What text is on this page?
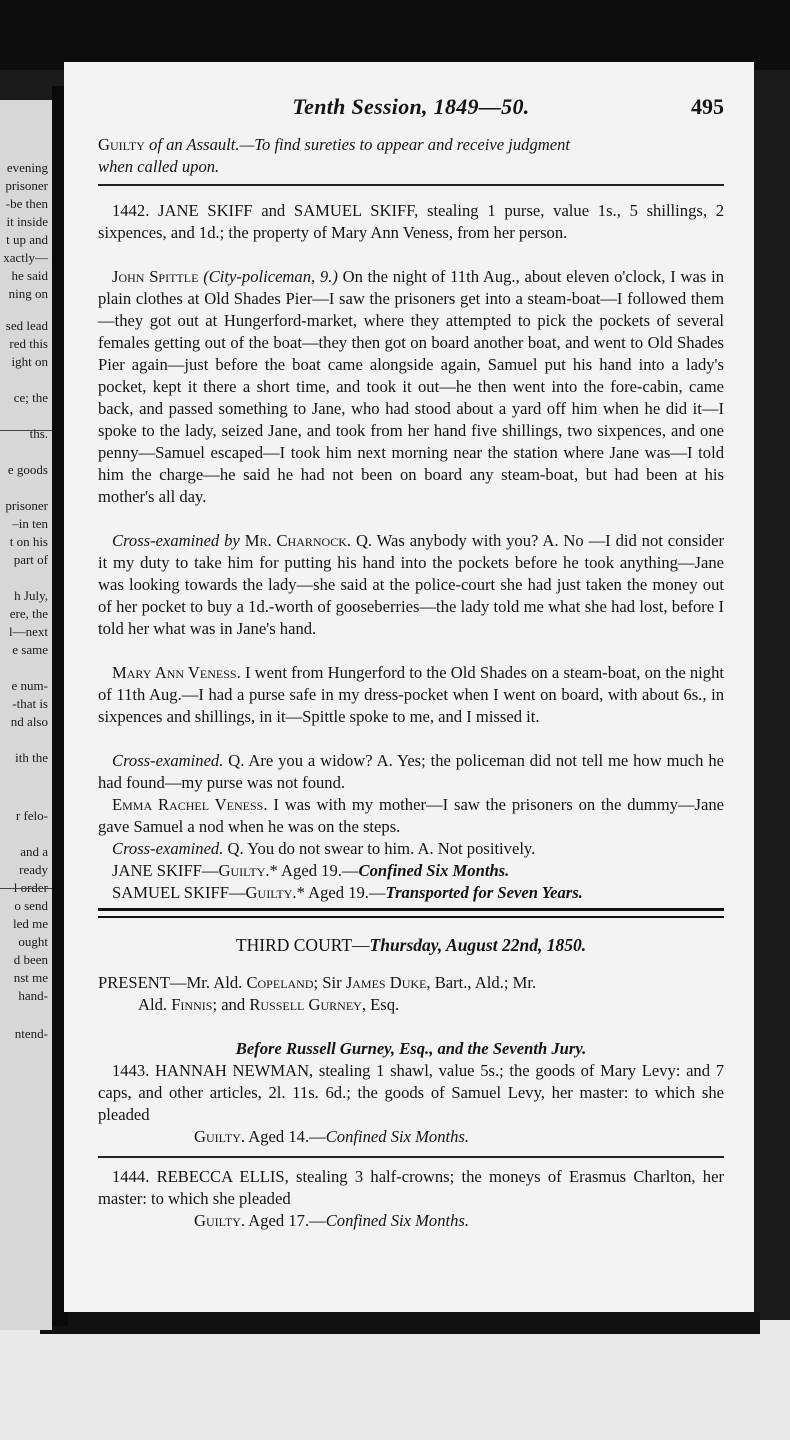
evening
prisoner
-be then
it inside
t up and
xactly—
he said
ning on
sed lead
red this
ight on
ce; the
ths.
e goods
prisoner
–in ten
t on his
part of
h July,
ere, the
l—next
e same
e num-
-that is
nd also
ith the
r felo-
and a
ready
l order
o send
led me
ought
d been
nst me
hand-
ntend-
Tenth Session, 1849—50.	495

Guilty of an Assault.—To find sureties to appear and receive judgment
when called upon.

1442. JANE SKIFF and SAMUEL SKIFF, stealing 1 purse, value 1s., 5 shillings, 2 sixpences, and 1d.; the property of Mary Ann Veness, from her person.

John Spittle (City-policeman, 9.) On the night of 11th Aug., about eleven o'clock, I was in plain clothes at Old Shades Pier—I saw the prisoners get into a steam-boat—I followed them—they got out at Hungerford-market, where they attempted to pick the pockets of several females getting out of the boat—they then got on board another boat, and went to Old Shades Pier again—just before the boat came alongside again, Samuel put his hand into a lady's pocket, kept it there a short time, and took it out—he then went into the fore-cabin, came back, and passed something to Jane, who had stood about a yard off him when he did it—I spoke to the lady, seized Jane, and took from her hand five shillings, two sixpences, and one penny—Samuel escaped—I took him next morning near the station where Jane was—I told him the charge—he said he had not been on board any steam-boat, but had been at his mother's all day.

Cross-examined by Mr. Charnock. Q. Was anybody with you? A. No —I did not consider it my duty to take him for putting his hand into the pockets before he took anything—Jane was looking towards the lady—she said at the police-court she had just taken the money out of her pocket to buy a 1d.-worth of gooseberries—the lady told me what she had lost, before I told her what was in Jane's hand.

Mary Ann Veness. I went from Hungerford to the Old Shades on a steam-boat, on the night of 11th Aug.—I had a purse safe in my dress-pocket when I went on board, with about 6s., in sixpences and shillings, in it—Spittle spoke to me, and I missed it.

Cross-examined. Q. Are you a widow? A. Yes; the policeman did not tell me how much he had found—my purse was not found.

Emma Rachel Veness. I was with my mother—I saw the prisoners on the dummy—Jane gave Samuel a nod when he was on the steps.

Cross-examined. Q. You do not swear to him. A. Not positively.

JANE SKIFF—Guilty.* Aged 19.—Confined Six Months.
SAMUEL SKIFF—Guilty.* Aged 19.—Transported for Seven Years.

THIRD COURT—Thursday, August 22nd, 1850.

PRESENT—Mr. Ald. Copeland; Sir James Duke, Bart., Ald.; Mr.
Ald. Finnis; and Russell Gurney, Esq.

Before Russell Gurney, Esq., and the Seventh Jury.

1443. HANNAH NEWMAN, stealing 1 shawl, value 5s.; the goods of Mary Levy: and 7 caps, and other articles, 2l. 11s. 6d.; the goods of Samuel Levy, her master: to which she pleaded

Guilty. Aged 14.—Confined Six Months.

1444. REBECCA ELLIS, stealing 3 half-crowns; the moneys of Erasmus Charlton, her master: to which she pleaded

Guilty. Aged 17.—Confined Six Months.
